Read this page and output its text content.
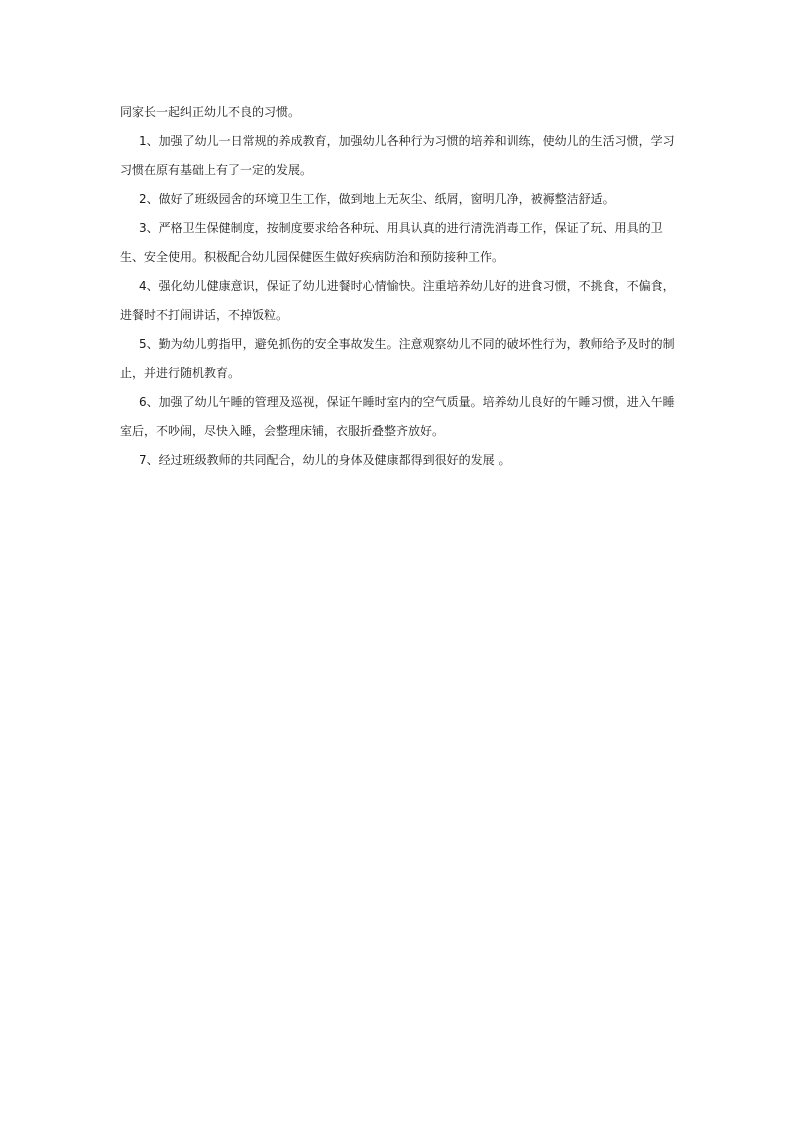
同家长一起纠正幼儿不良的习惯。

1、加强了幼儿一日常规的养成教育，加强幼儿各种行为习惯的培养和训练，使幼儿的生活习惯，学习习惯在原有基础上有了一定的发展。

2、做好了班级园舍的环境卫生工作，做到地上无灰尘、纸屑，窗明几净，被褥整洁舒适。

3、严格卫生保健制度，按制度要求给各种玩、用具认真的进行清洗消毒工作，保证了玩、用具的卫生、安全使用。积极配合幼儿园保健医生做好疾病防治和预防接种工作。

4、强化幼儿健康意识，保证了幼儿进餐时心情愉快。注重培养幼儿好的进食习惯，不挑食，不偏食，进餐时不打闹讲话，不掉饭粒。

5、勤为幼儿剪指甲，避免抓伤的安全事故发生。注意观察幼儿不同的破坏性行为，教师给予及时的制止，并进行随机教育。

6、加强了幼儿午睡的管理及巡视，保证午睡时室内的空气质量。培养幼儿良好的午睡习惯，进入午睡室后，不吵闹，尽快入睡，会整理床铺，衣服折叠整齐放好。

7、经过班级教师的共同配合，幼儿的身体及健康都得到很好的发展 。
